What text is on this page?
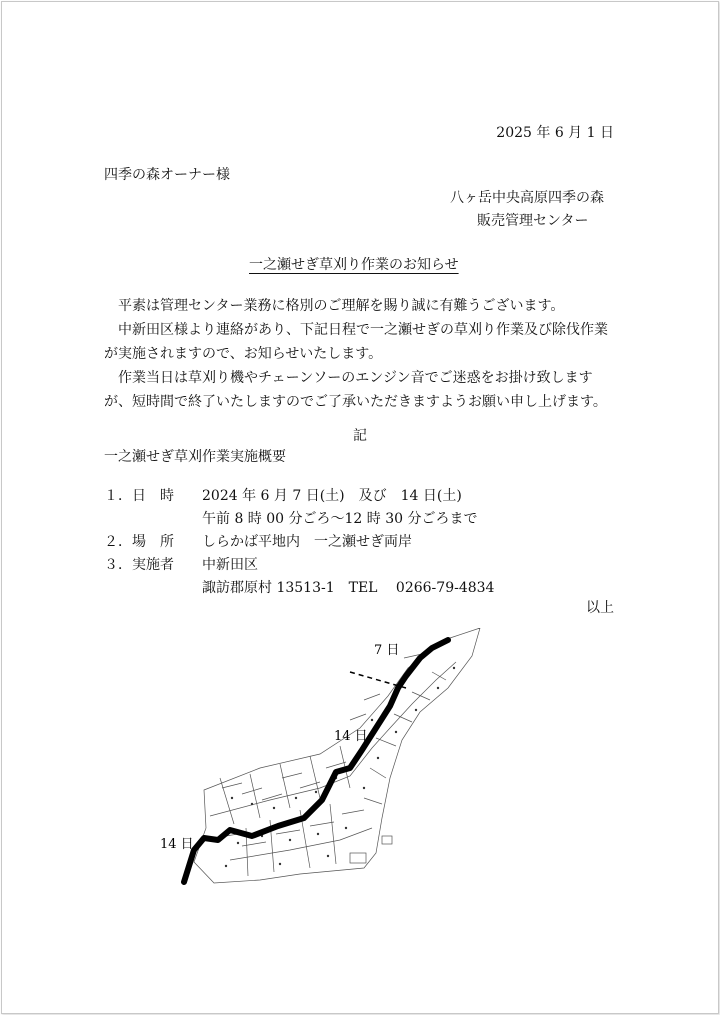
2025 年 6 月 1 日
四季の森オーナー様
八ヶ岳中央高原四季の森
販売管理センター
一之瀬せぎ草刈り作業のお知らせ

　平素は管理センター業務に格別のご理解を賜り誠に有難うございます。

　中新田区様より連絡があり、下記日程で一之瀬せぎの草刈り作業及び除伐作業が実施されますので、お知らせいたします。

　作業当日は草刈り機やチェーンソーのエンジン音でご迷惑をお掛け致しますが、短時間で終了いたしますのでご了承いただきますようお願い申し上げます。

記
一之瀬せぎ草刈作業実施概要
１．日　時	2024 年 6 月 7 日(土)　及び　14 日(土)
午前 8 時 00 分ごろ～12 時 30 分ごろまで
２．場　所	しらかば平地内　一之瀬せぎ両岸
３．実施者	中新田区
諏訪郡原村 13513-1　TEL　 0266-79-4834
以上
7 日
14 日
14 日
